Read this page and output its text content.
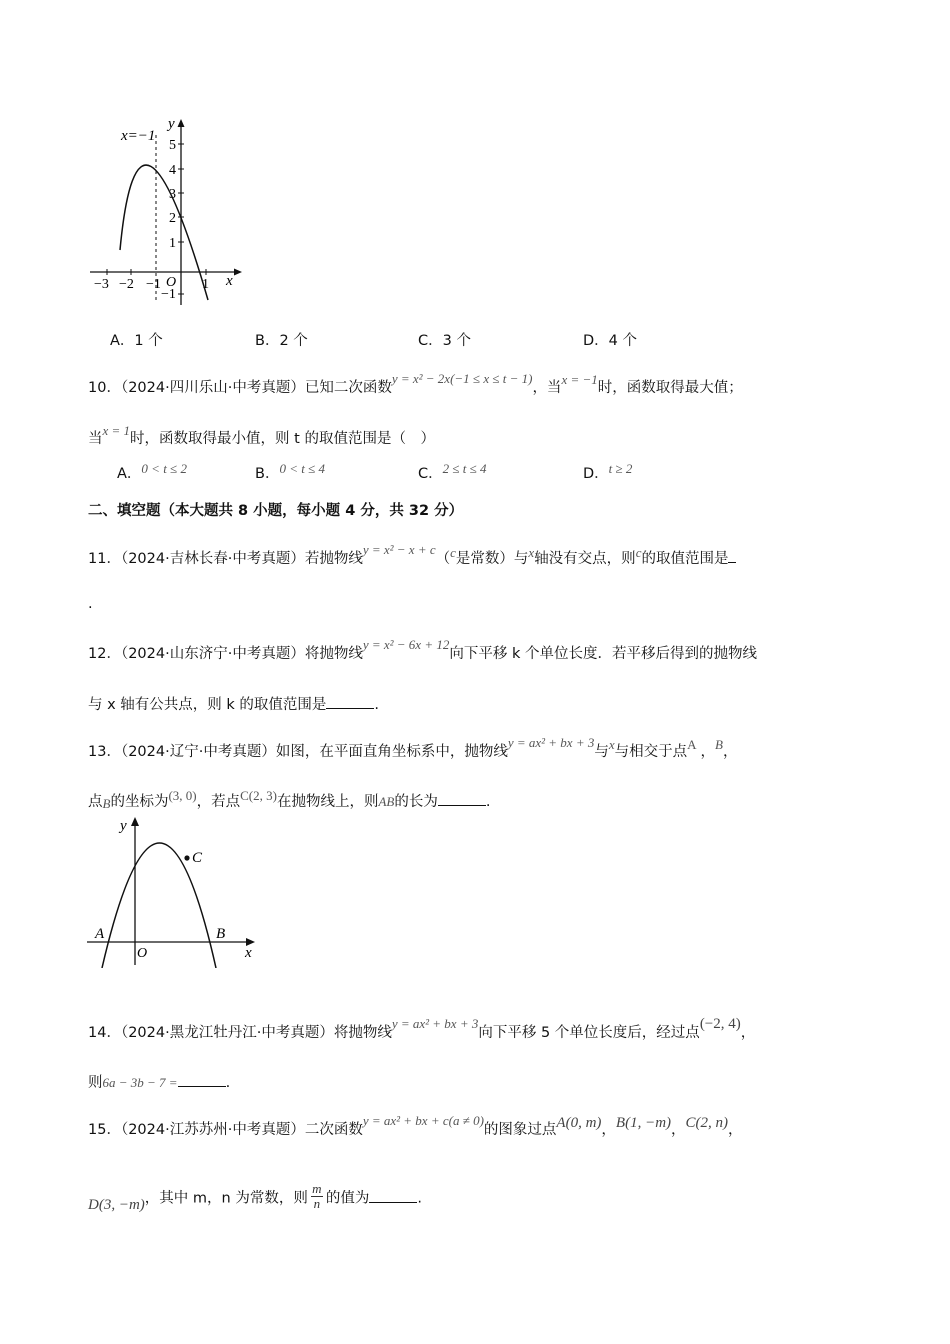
x=−1
y
x
O
5
4
3
2
1
−1
−3 −2 −1	1
A．1 个	B．2 个	C．3 个	D．4 个
10．（2024·四川乐山·中考真题）已知二次函数y = x² − 2x(−1 ≤ x ≤ t − 1)，当x = −1时，函数取得最大值；
当x = 1时，函数取得最小值，则 t 的取值范围是（　）
A．0 < t ≤ 2	B．0 < t ≤ 4	C．2 ≤ t ≤ 4	D．t ≥ 2
二、填空题（本大题共 8 小题，每小题 4 分，共 32 分）
11．（2024·吉林长春·中考真题）若抛物线y = x² − x + c（c是常数）与x轴没有交点，则c的取值范围是
.
12．（2024·山东济宁·中考真题）将抛物线y = x² − 6x + 12向下平移 k 个单位长度．若平移后得到的抛物线
与 x 轴有公共点，则 k 的取值范围是	.
13．（2024·辽宁·中考真题）如图，在平面直角坐标系中，抛物线y = ax² + bx + 3与x与相交于点A ，B，
点B的坐标为(3, 0)，若点C(2, 3)在抛物线上，则AB的长为	.
y
x
O
A	B
C
14．（2024·黑龙江牡丹江·中考真题）将抛物线y = ax² + bx + 3向下平移 5 个单位长度后，经过点(−2, 4)，
则6a − 3b − 7 =	.
15．（2024·江苏苏州·中考真题）二次函数y = ax² + bx + c(a ≠ 0)的图象过点A(0, m)，B(1, −m)，C(2, n)，
D(3, −m)，其中 m，n 为常数，则 $\frac{m}{n}$ 的值为	.
